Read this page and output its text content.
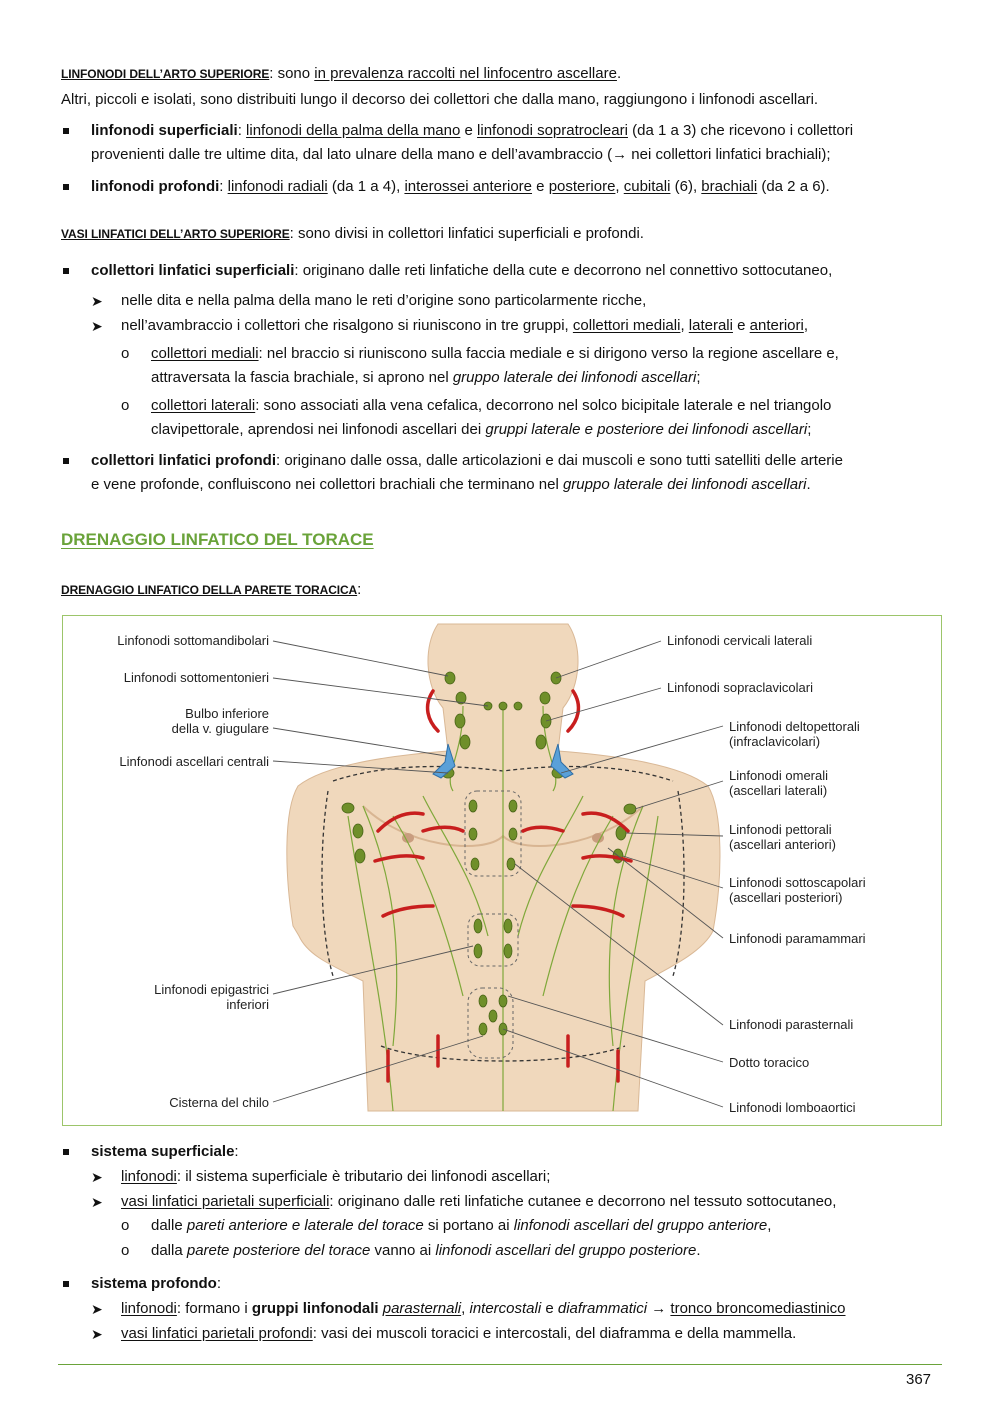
LINFONODI DELL’ARTO SUPERIORE: sono in prevalenza raccolti nel linfocentro ascellare.
Altri, piccoli e isolati, sono distribuiti lungo il decorso dei collettori che dalla mano, raggiungono i linfonodi ascellari.
linfonodi superficiali: linfonodi della palma della mano e linfonodi sopratrocleari (da 1 a 3) che ricevono i collettori
provenienti dalle tre ultime dita, dal lato ulnare della mano e dell’avambraccio (→ nei collettori linfatici brachiali);
linfonodi profondi: linfonodi radiali (da 1 a 4), interossei anteriore e posteriore, cubitali (6), brachiali (da 2 a 6).
VASI LINFATICI DELL’ARTO SUPERIORE: sono divisi in collettori linfatici superficiali e profondi.
collettori linfatici superficiali: originano dalle reti linfatiche della cute e decorrono nel connettivo sottocutaneo,
➤ nelle dita e nella palma della mano le reti d’origine sono particolarmente ricche,
➤ nell’avambraccio i collettori che risalgono si riuniscono in tre gruppi, collettori mediali, laterali e anteriori,
o collettori mediali: nel braccio si riuniscono sulla faccia mediale e si dirigono verso la regione ascellare e,
attraversata la fascia brachiale, si aprono nel gruppo laterale dei linfonodi ascellari;
o collettori laterali: sono associati alla vena cefalica, decorrono nel solco bicipitale laterale e nel triangolo
clavipettorale, aprendosi nei linfonodi ascellari dei gruppi laterale e posteriore dei linfonodi ascellari;
collettori linfatici profondi: originano dalle ossa, dalle articolazioni e dai muscoli e sono tutti satelliti delle arterie
e vene profonde, confluiscono nei collettori brachiali che terminano nel gruppo laterale dei linfonodi ascellari.
DRENAGGIO LINFATICO DEL TORACE
DRENAGGIO LINFATICO DELLA PARETE TORACICA:
Linfonodi sottomandibolari
Linfonodi sottomentonieri
Bulbo inferiore
della v. giugulare
Linfonodi ascellari centrali
Linfonodi epigastrici
inferiori
Cisterna del chilo
Linfonodi cervicali laterali
Linfonodi sopraclavicolari
Linfonodi deltopettorali
(infraclavicolari)
Linfonodi omerali
(ascellari laterali)
Linfonodi pettorali
(ascellari anteriori)
Linfonodi sottoscapolari
(ascellari posteriori)
Linfonodi paramammari
Linfonodi parasternali
Dotto toracico
Linfonodi lomboaortici
sistema superficiale:
➤ linfonodi: il sistema superficiale è tributario dei linfonodi ascellari;
➤ vasi linfatici parietali superficiali: originano dalle reti linfatiche cutanee e decorrono nel tessuto sottocutaneo,
o dalle pareti anteriore e laterale del torace si portano ai linfonodi ascellari del gruppo anteriore,
o dalla parete posteriore del torace vanno ai linfonodi ascellari del gruppo posteriore.
sistema profondo:
➤ linfonodi: formano i gruppi linfonodali parasternali, intercostali e diaframmatici → tronco broncomediastinico
➤ vasi linfatici parietali profondi: vasi dei muscoli toracici e intercostali, del diaframma e della mammella.
367
